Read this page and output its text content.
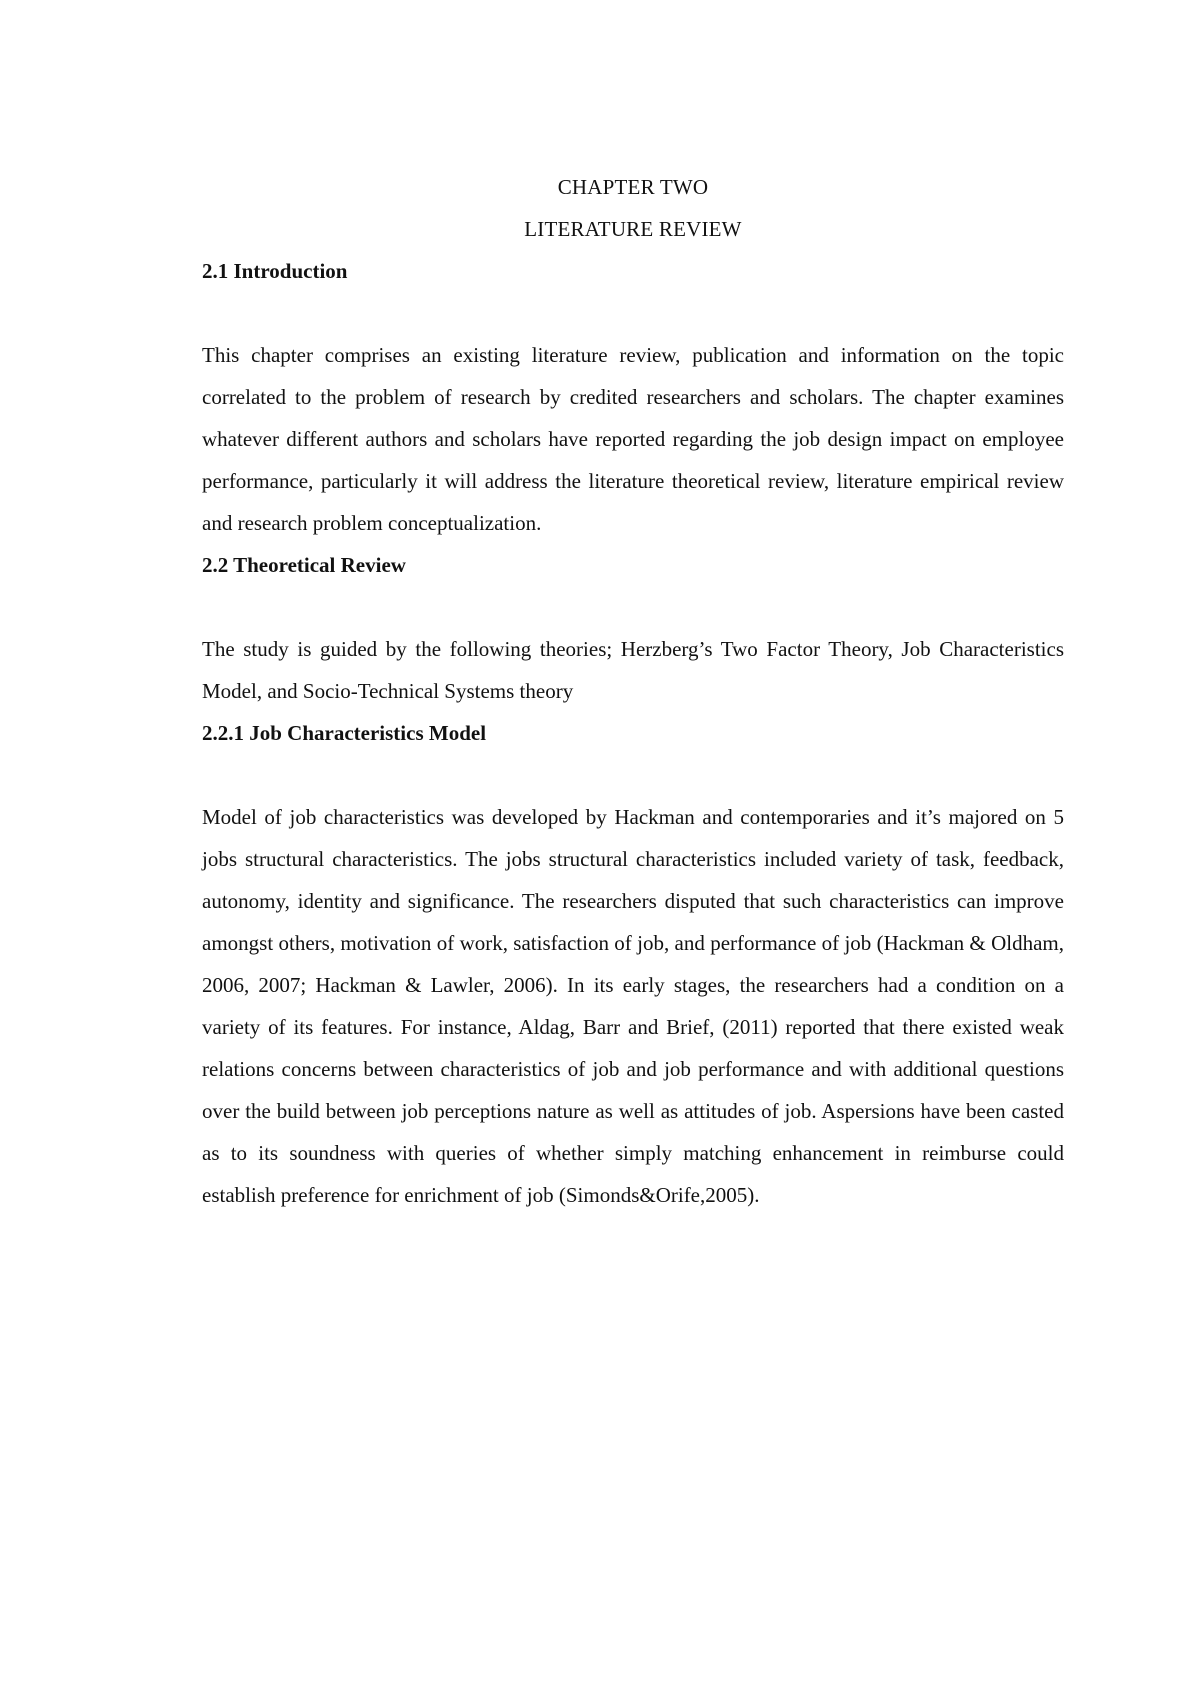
CHAPTER TWO
LITERATURE REVIEW
2.1 Introduction

This chapter comprises an existing literature review, publication and information on the topic correlated to the problem of research by credited researchers and scholars. The chapter examines whatever different authors and scholars have reported regarding the job design impact on employee performance, particularly it will address the literature theoretical review, literature empirical review and research problem conceptualization.

2.2 Theoretical Review

The study is guided by the following theories; Herzberg’s Two Factor Theory, Job Characteristics Model, and Socio-Technical Systems theory

2.2.1 Job Characteristics Model

Model of job characteristics was developed by Hackman and contemporaries and it’s majored on 5 jobs structural characteristics. The jobs structural characteristics included variety of task, feedback, autonomy, identity and significance. The researchers disputed that such characteristics can improve amongst others, motivation of work, satisfaction of job, and performance of job (Hackman & Oldham, 2006, 2007; Hackman & Lawler, 2006). In its early stages, the researchers had a condition on a variety of its features. For instance, Aldag, Barr and Brief, (2011) reported that there existed weak relations concerns between characteristics of job and job performance and with additional questions over the build between job perceptions nature as well as attitudes of job. Aspersions have been casted as to its soundness with queries of whether simply matching enhancement in reimburse could establish preference for enrichment of job (Simonds&Orife,2005).
